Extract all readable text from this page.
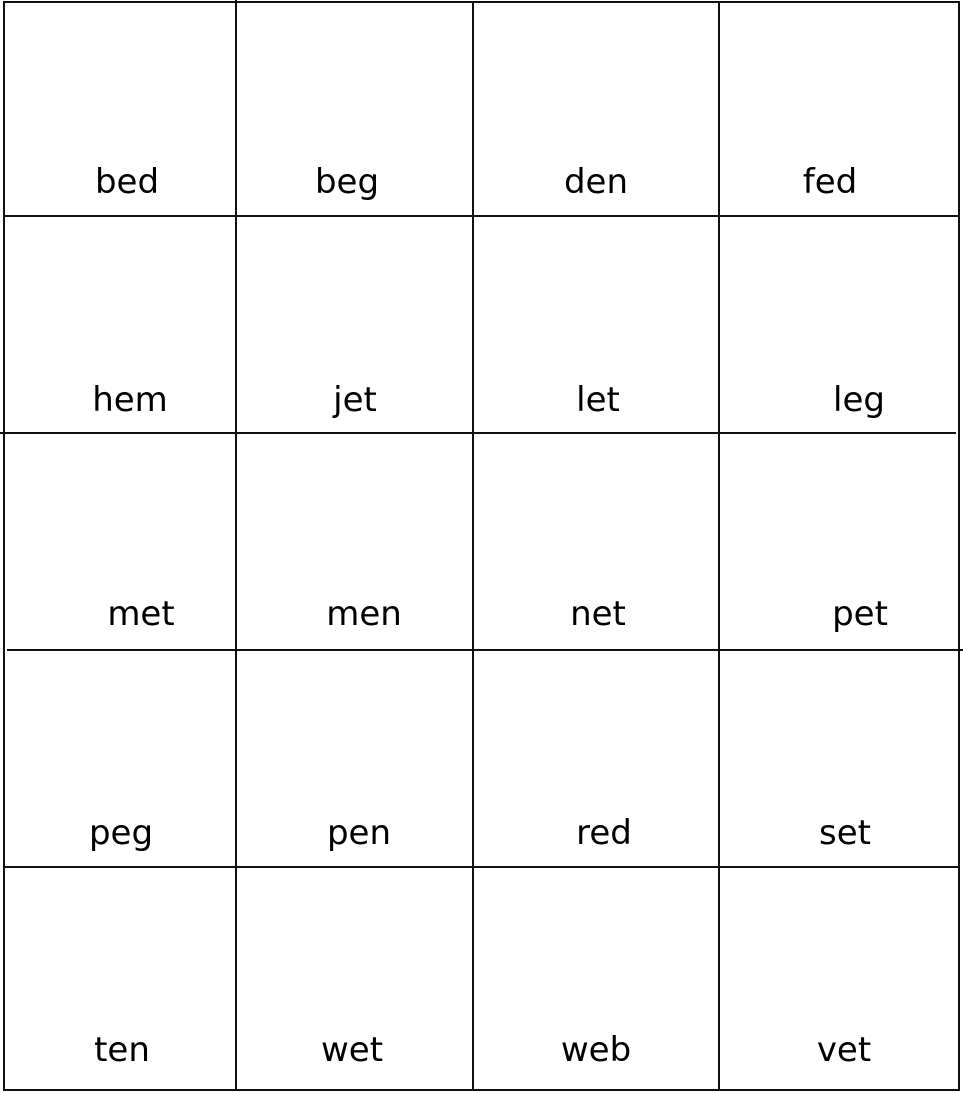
bed	beg	den	fed
hem	jet	let	leg
met	men	net	pet
peg	pen	red	set
ten	wet	web	vet
